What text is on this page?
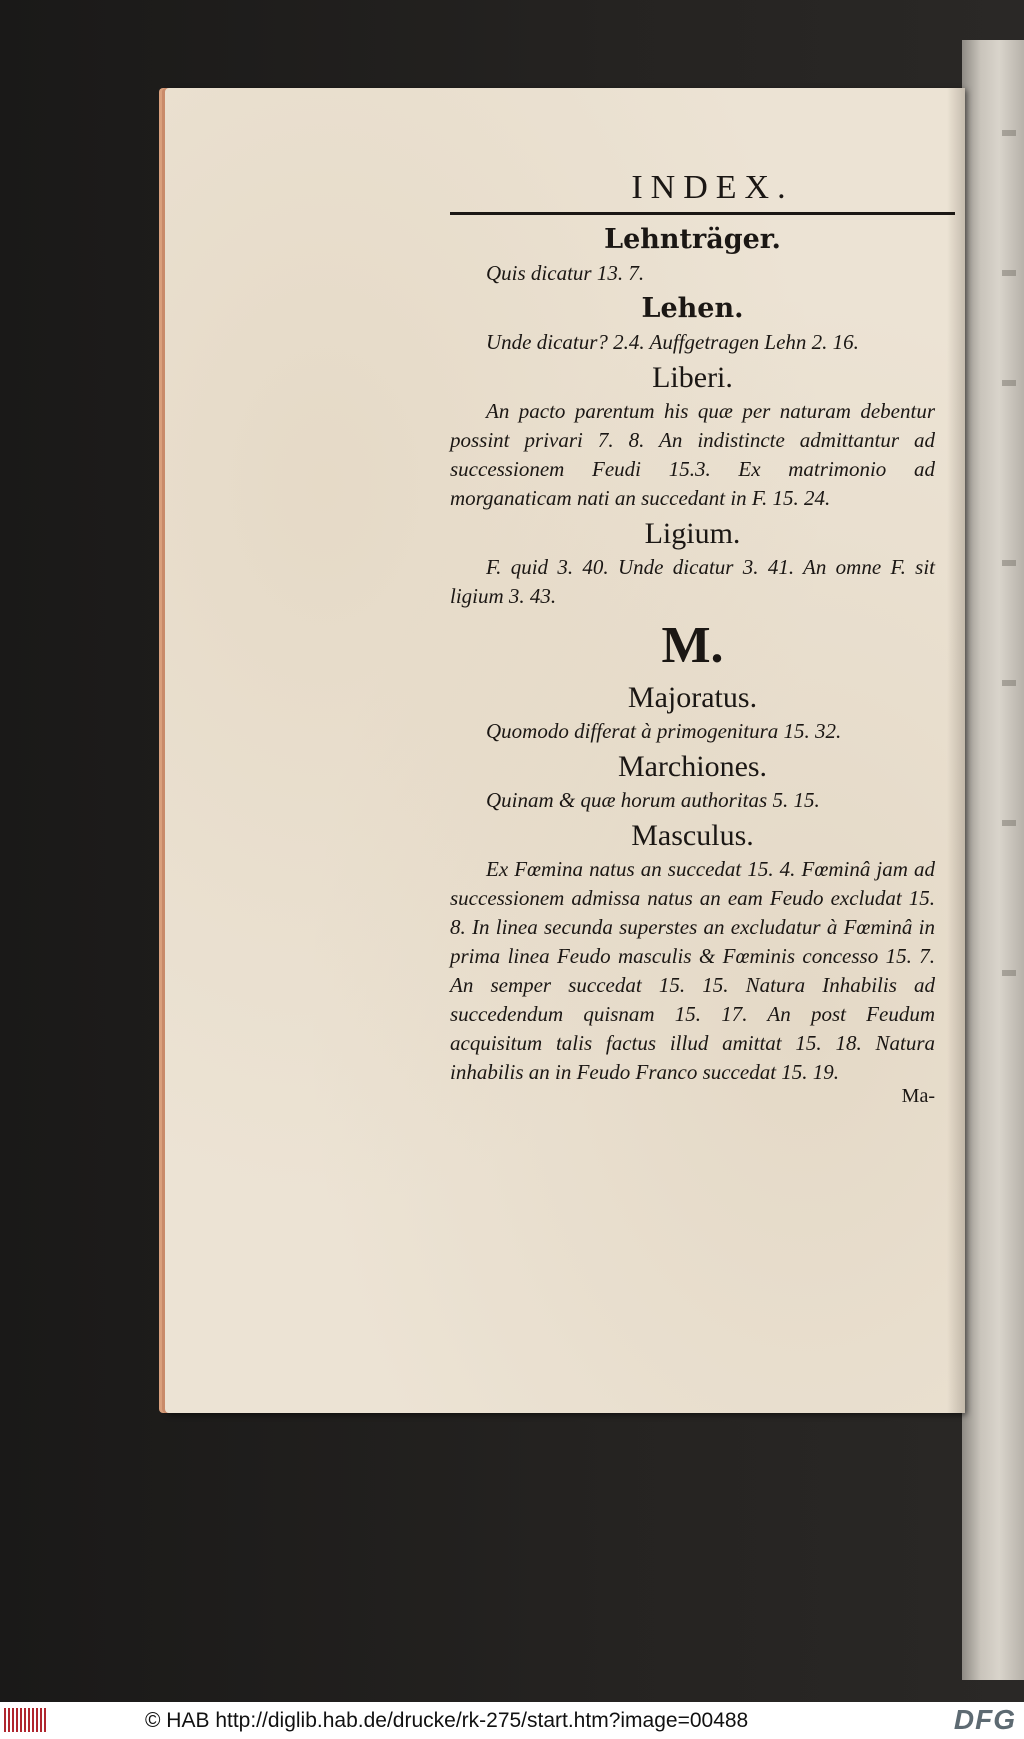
INDEX.
Lehnträger.
Quis dicatur 13. 7.
Lehen.
Unde dicatur? 2.4. Auffgetragen Lehn 2. 16.
Liberi.
An pacto parentum his quæ per naturam debentur possint privari 7. 8. An indistincte admittantur ad successionem Feudi 15.3. Ex matrimonio ad morganaticam nati an succedant in F. 15. 24.
Ligium.
F. quid 3. 40. Unde dicatur 3. 41. An omne F. sit ligium 3. 43.
M.
Majoratus.
Quomodo differat à primogenitura 15. 32.
Marchiones.
Quinam & quæ horum authoritas 5. 15.
Masculus.
Ex Fœmina natus an succedat 15. 4. Fœminâ jam ad successionem admissa natus an eam Feudo excludat 15. 8. In linea secunda superstes an excludatur à Fœminâ in prima linea Feudo masculis & Fœminis concesso 15. 7. An semper succedat 15. 15. Natura Inhabilis ad succedendum quisnam 15. 17. An post Feudum acquisitum talis factus illud amittat 15. 18. Natura inhabilis an in Feudo Franco succedat 15. 19.
Ma-
© HAB http://diglib.hab.de/drucke/rk-275/start.htm?image=00488	DFG
